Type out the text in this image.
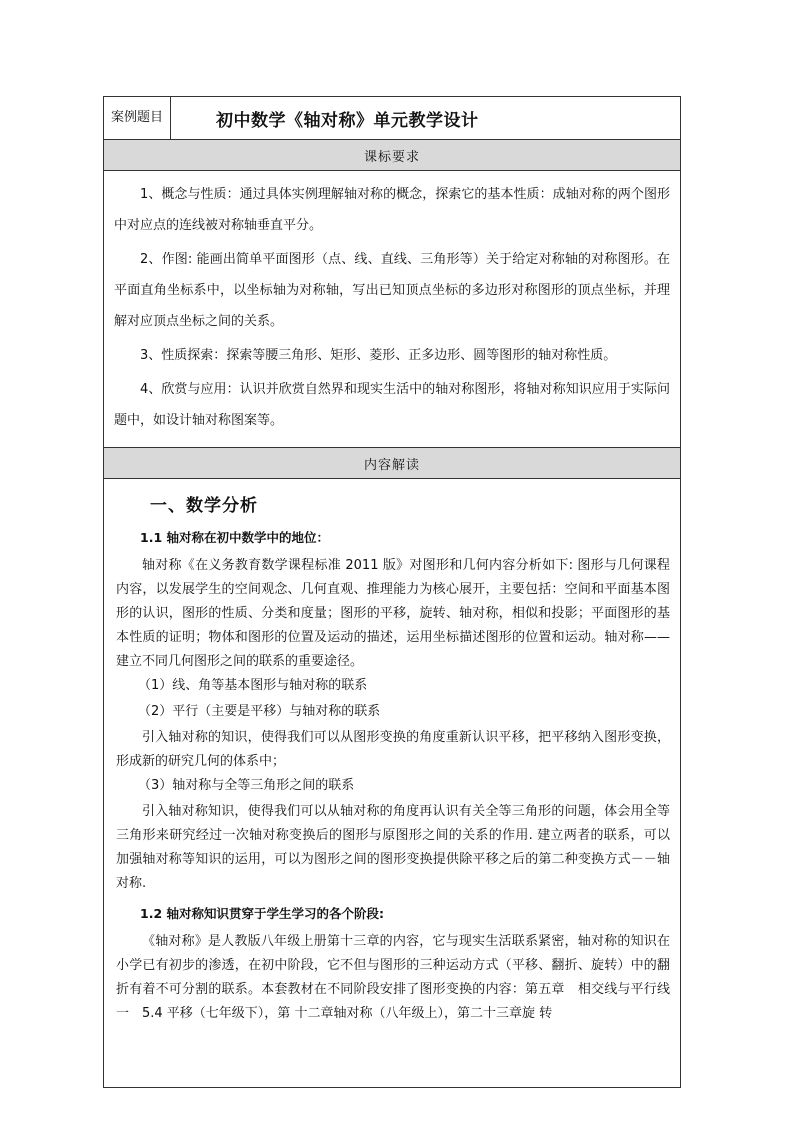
案例题目	初中数学《轴对称》单元教学设计
课标要求

1、概念与性质：通过具体实例理解轴对称的概念，探索它的基本性质：成轴对称的两个图形中对应点的连线被对称轴垂直平分。

2、作图: 能画出简单平面图形（点、线、直线、三角形等）关于给定对称轴的对称图形。在平面直角坐标系中，以坐标轴为对称轴，写出已知顶点坐标的多边形对称图形的顶点坐标，并理解对应顶点坐标之间的关系。

3、性质探索：探索等腰三角形、矩形、菱形、正多边形、圆等图形的轴对称性质。

4、欣赏与应用：认识并欣赏自然界和现实生活中的轴对称图形，将轴对称知识应用于实际问题中，如设计轴对称图案等。

内容解读

一、数学分析
1.1 轴对称在初中数学中的地位：

轴对称《在义务教育数学课程标准 2011 版》对图形和几何内容分析如下: 图形与几何课程内容，以发展学生的空间观念、几何直观、推理能力为核心展开，主要包括：空间和平面基本图形的认识，图形的性质、分类和度量；图形的平移，旋转、轴对称，相似和投影；平面图形的基本性质的证明；物体和图形的位置及运动的描述，运用坐标描述图形的位置和运动。轴对称——建立不同几何图形之间的联系的重要途径。

（1）线、角等基本图形与轴对称的联系
（2）平行（主要是平移）与轴对称的联系

引入轴对称的知识，使得我们可以从图形变换的角度重新认识平移，把平移纳入图形变换，形成新的研究几何的体系中；

（3）轴对称与全等三角形之间的联系

引入轴对称知识，使得我们可以从轴对称的角度再认识有关全等三角形的问题，体会用全等三角形来研究经过一次轴对称变换后的图形与原图形之间的关系的作用. 建立两者的联系，可以加强轴对称等知识的运用，可以为图形之间的图形变换提供除平移之后的第二种变换方式－－轴对称.

1.2 轴对称知识贯穿于学生学习的各个阶段:

《轴对称》是人教版八年级上册第十三章的内容，它与现实生活联系紧密，轴对称的知识在小学已有初步的渗透，在初中阶段，它不但与图形的三种运动方式（平移、翻折、旋转）中的翻折有着不可分割的联系。本套教材在不同阶段安排了图形变换的内容：第五章　相交线与平行线一　5.4 平移（七年级下），第 十二章轴对称（八年级上），第二十三章旋 转
